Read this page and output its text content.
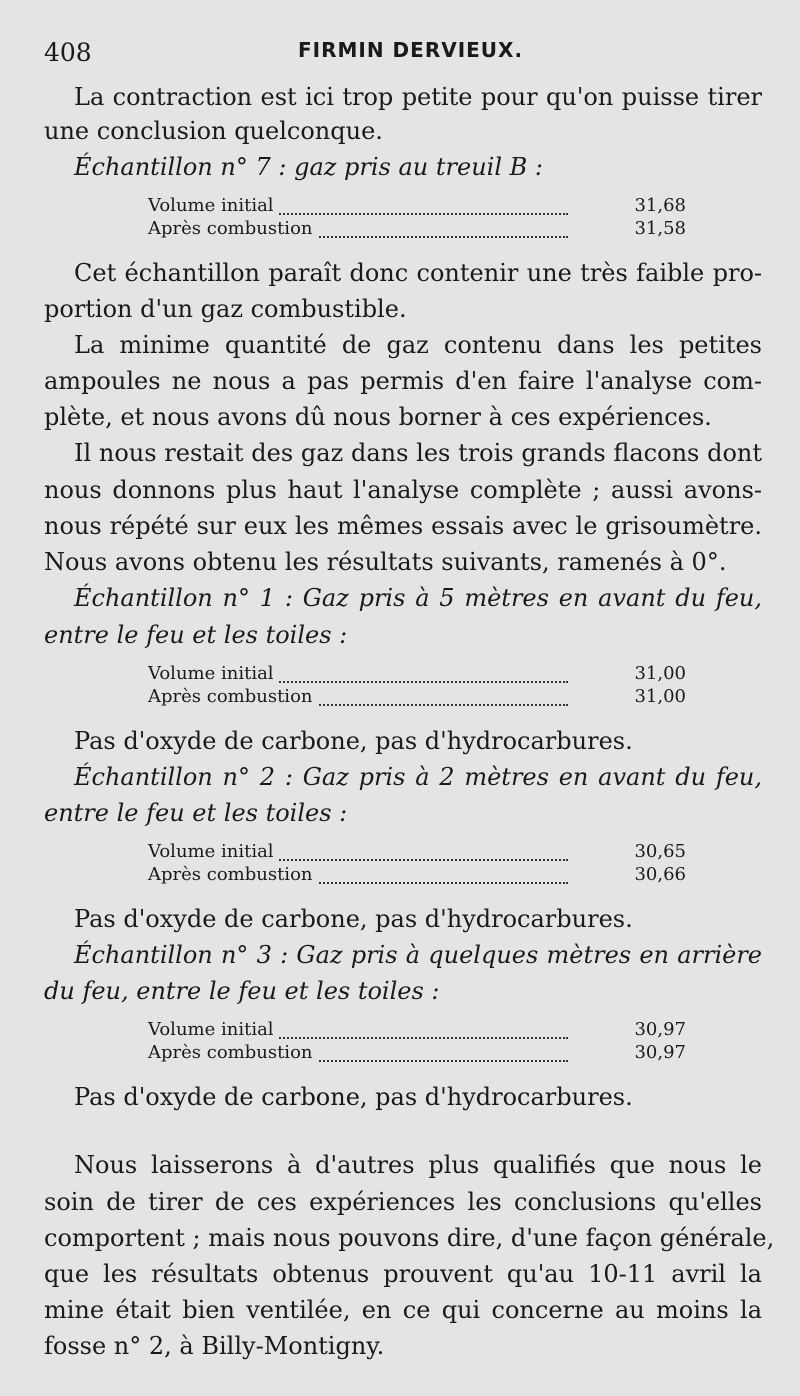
408	FIRMIN DERVIEUX.
La contraction est ici trop petite pour qu'on puisse tirer
une conclusion quelconque.
Échantillon n° 7 : gaz pris au treuil B :
Volume initial	31,68
Après combustion	31,58
Cet échantillon paraît donc contenir une très faible pro-
portion d'un gaz combustible.
La minime quantité de gaz contenu dans les petites
ampoules ne nous a pas permis d'en faire l'analyse com-
plète, et nous avons dû nous borner à ces expériences.
Il nous restait des gaz dans les trois grands flacons dont
nous donnons plus haut l'analyse complète ; aussi avons-
nous répété sur eux les mêmes essais avec le grisoumètre.
Nous avons obtenu les résultats suivants, ramenés à 0°.
Échantillon n° 1 : Gaz pris à 5 mètres en avant du feu,
entre le feu et les toiles :
Volume initial	31,00
Après combustion	31,00
Pas d'oxyde de carbone, pas d'hydrocarbures.
Échantillon n° 2 : Gaz pris à 2 mètres en avant du feu,
entre le feu et les toiles :
Volume initial	30,65
Après combustion	30,66
Pas d'oxyde de carbone, pas d'hydrocarbures.
Échantillon n° 3 : Gaz pris à quelques mètres en arrière
du feu, entre le feu et les toiles :
Volume initial	30,97
Après combustion	30,97
Pas d'oxyde de carbone, pas d'hydrocarbures.
Nous laisserons à d'autres plus qualifiés que nous le
soin de tirer de ces expériences les conclusions qu'elles
comportent ; mais nous pouvons dire, d'une façon générale,
que les résultats obtenus prouvent qu'au 10-11 avril la
mine était bien ventilée, en ce qui concerne au moins la
fosse n° 2, à Billy-Montigny.
